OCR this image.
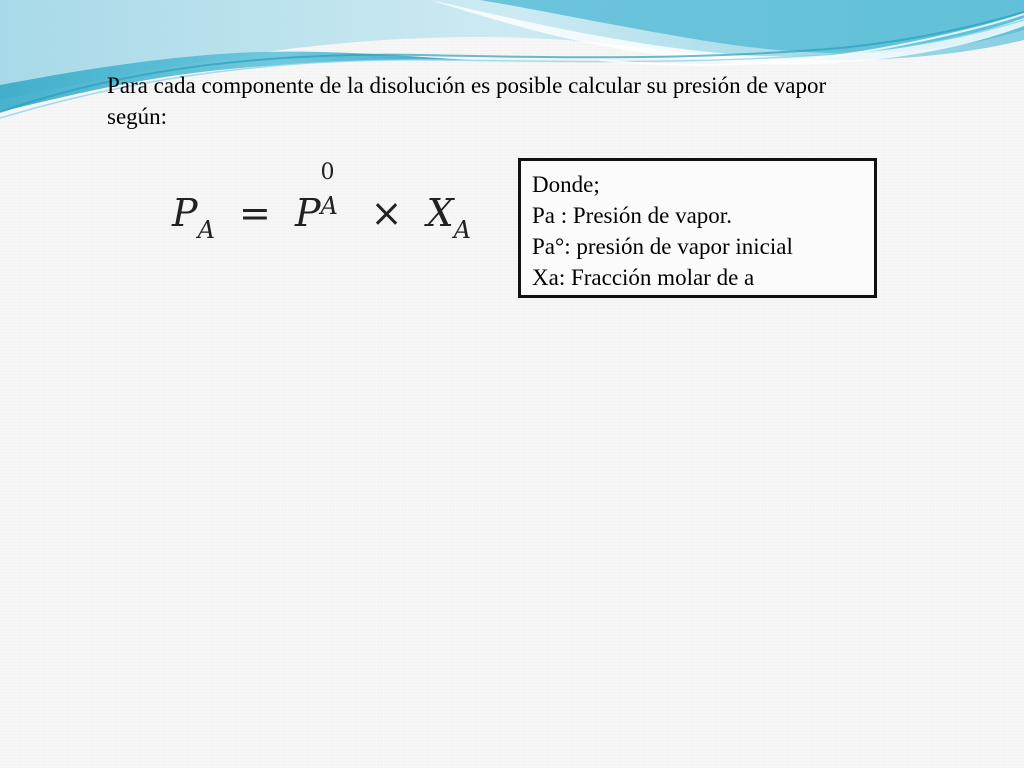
Para cada componente de la disolución es posible calcular su presión de vapor según:

$P_A = P$
0
$A \times X_A$
Donde;
Pa : Presión de vapor.
Pa°: presión de vapor inicial
Xa: Fracción molar de a
